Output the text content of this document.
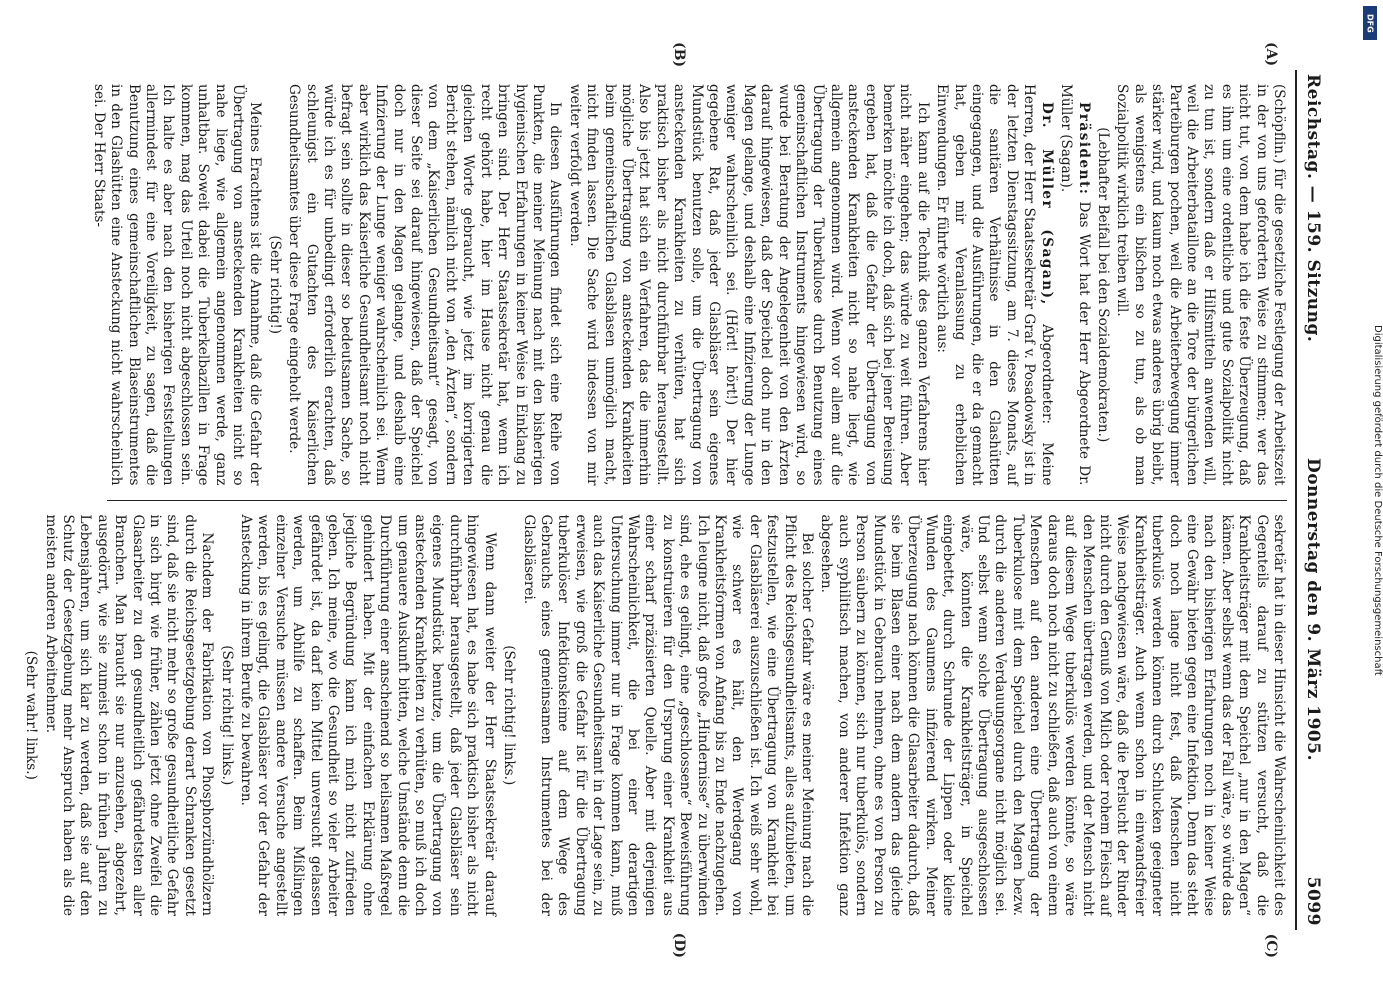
DFG
Digitalisierung gefördert durch die Deutsche Forschungsgemeinschaft
Reichstag. — 159. Sitzung.
Donnerstag den 9. März 1905.
5099
(A)
(B)
(C)
(D)

(Schöpflin.) für die gesetzliche Festlegung der Arbeitszeit in der von uns geforderten Weise zu stimmen; wer das nicht tut, von dem habe ich die feste Überzeugung, daß es ihm um eine ordentliche und gute Sozialpolitik nicht zu tun ist, sondern daß er Hilfsmitteln anwenden will, weil die Arbeiterbataillone an die Tore der bürgerlichen Parteiburgen pochen, weil die Arbeiterbewegung immer stärker wird, und kaum noch etwas anderes übrig bleibt, als wenigstens ein bißchen so zu tun, als ob man Sozialpolitik wirklich treiben will.

(Lebhafter Beifall bei den Sozialdemokraten.)

Präsident: Das Wort hat der Herr Abgeordnete Dr. Müller (Sagan).

Dr. Müller (Sagan), Abgeordneter: Meine Herren, der Herr Staatssekretär Graf v. Posadowsky ist in der letzten Dienstagssitzung, am 7. dieses Monats, auf die sanitären Verhältnisse in den Glashütten eingegangen, und die Ausführungen, die er da gemacht hat, geben mir Veranlassung zu erheblichen Einwendungen. Er führte wörtlich aus:

Ich kann auf die Technik des ganzen Verfahrens hier nicht näher eingehen; das würde zu weit führen. Aber bemerken möchte ich doch, daß sich bei jener Bereisung ergeben hat, daß die Gefahr der Übertragung von ansteckenden Krankheiten nicht so nahe liegt, wie allgemein angenommen wird. Wenn vor allem auf die Übertragung der Tuberkulose durch Benutzung eines gemeinschaftlichen Instruments hingewiesen wird, so wurde bei Beratung der Angelegenheit von den Ärzten darauf hingewiesen, daß der Speichel doch nur in den Magen gelange, und deshalb eine Infizierung der Lunge weniger wahrscheinlich sei. (Hört! hört!) Der hier gegebene Rat, daß jeder Glasbläser sein eigenes Mundstück benutzen solle, um die Übertragung von ansteckenden Krankheiten zu verhüten, hat sich praktisch bisher als nicht durchführbar herausgestellt. Also bis jetzt hat sich ein Verfahren, das die immerhin mögliche Übertragung von ansteckenden Krankheiten beim gemeinschaftlichen Glasblasen unmöglich macht, nicht finden lassen. Die Sache wird indessen von mir weiter verfolgt werden.

In diesen Ausführungen findet sich eine Reihe von Punkten, die meiner Meinung nach mit den bisherigen hygienischen Erfahrungen in keiner Weise in Einklang zu bringen sind. Der Herr Staatssekretär hat, wenn ich recht gehört habe, hier im Hause nicht genau die gleichen Worte gebraucht, wie jetzt im korrigierten Bericht stehen, nämlich nicht von „den Ärzten“, sondern von dem „Kaiserlichen Gesundheitsamt“ gesagt, von dieser Seite sei darauf hingewiesen, daß der Speichel doch nur in den Magen gelange, und deshalb eine Infizierung der Lunge weniger wahrscheinlich sei. Wenn aber wirklich das Kaiserliche Gesundheitsamt noch nicht befragt sein sollte in dieser so bedeutsamen Sache, so würde ich es für unbedingt erforderlich erachten, daß schleunigst ein Gutachten des Kaiserlichen Gesundheitsamtes über diese Frage eingeholt werde.

(Sehr richtig!)

Meines Erachtens ist die Annahme, daß die Gefahr der Übertragung von ansteckenden Krankheiten nicht so nahe liege, wie allgemein angenommen werde, ganz unhaltbar. Soweit dabei die Tuberkelbazillen in Frage kommen, mag das Urteil noch nicht abgeschlossen sein. Ich halte es aber nach den bisherigen Feststellungen allermindest für eine Voreiligkeit, zu sagen, daß die Benutzung eines gemeinschaftlichen Blaseinstrumentes in den Glashütten eine Ansteckung nicht wahrscheinlich sei. Der Herr Staats-

sekretär hat in dieser Hinsicht die Wahrscheinlichkeit des Gegenteils darauf zu stützen versucht, daß die Krankheitsträger mit dem Speichel „nur in den Magen“ kämen. Aber selbst wenn das der Fall wäre, so würde das nach den bisherigen Erfahrungen noch in keiner Weise eine Gewähr bieten gegen eine Infektion. Denn das steht doch noch lange nicht fest, daß Menschen nicht tuberkulös werden können durch Schlucken geeigneter Krankheitsträger. Auch wenn schon in einwandsfreier Weise nachgewiesen wäre, daß die Perlsucht der Rinder nicht durch den Genuß von Milch oder rohem Fleisch auf den Menschen übertragen werden, und der Mensch nicht auf diesem Wege tuberkulös werden könnte, so wäre daraus doch noch nicht zu schließen, daß auch von einem Menschen auf den anderen eine Übertragung der Tuberkulose mit dem Speichel durch den Magen bezw. durch die anderen Verdauungsorgane nicht möglich sei. Und selbst wenn solche Übertragung ausgeschlossen wäre, könnten die Krankheitsträger, in Speichel eingebettet, durch Schrunde der Lippen oder kleine Wunden des Gaumens infizierend wirken. Meiner Überzeugung nach können die Glasarbeiter dadurch, daß sie beim Blasen einer nach dem andern das gleiche Mundstück in Gebrauch nehmen, ohne es von Person zu Person säubern zu können, sich nur tuberkulös, sondern auch syphilitisch machen, von anderer Infektion ganz abgesehen.

Bei solcher Gefahr wäre es meiner Meinung nach die Pflicht des Reichsgesundheitsamts, alles aufzubieten, um festzustellen, wie eine Übertragung von Krankheit bei der Glasbläserei auszuschließen ist. Ich weiß sehr wohl, wie schwer es hält, den Werdegang von Krankheitsformen von Anfang bis zu Ende nachzugehen. Ich leugne nicht, daß große „Hindernisse“ zu überwinden sind, ehe es gelingt, eine „geschlossene“ Beweisführung zu konstruieren für den Ursprung einer Krankheit aus einer scharf präzisierten Quelle. Aber mit derjenigen Wahrscheinlichkeit, die bei einer derartigen Untersuchung immer nur in Frage kommen kann, muß auch das Kaiserliche Gesundheitsamt in der Lage sein, zu erweisen, wie groß die Gefahr ist für die Übertragung tuberkulöser Infektionskeime auf dem Wege des Gebrauchs eines gemeinsamen Instrumentes bei der Glasbläserei.

(Sehr richtig! links.)

Wenn dann weiter der Herr Staatssekretär darauf hingewiesen hat, es habe sich praktisch bisher als nicht durchführbar herausgestellt, daß jeder Glasbläser sein eigenes Mundstück benutze, um die Übertragung von ansteckenden Krankheiten zu verhüten, so muß ich doch um genauere Auskunft bitten, welche Umstände denn die Durchführung einer anscheinend so heilsamen Maßregel gehindert haben. Mit der einfachen Erklärung ohne jegliche Begründung kann ich mich nicht zufrieden geben. Ich meine, wo die Gesundheit so vieler Arbeiter gefährdet ist, da darf kein Mittel unversucht gelassen werden, um Abhilfe zu schaffen. Beim Mißlingen einzelner Versuche müssen andere Versuche angestellt werden, bis es gelingt, die Glasbläser vor der Gefahr der Ansteckung in ihrem Berufe zu bewahren.

(Sehr richtig! links.)

Nachdem der Fabrikation von Phosphorzündhölzern durch die Reichsgesetzgebung derart Schranken gesetzt sind, daß sie nicht mehr so große gesundheitliche Gefahr in sich birgt wie früher, zählen jetzt ohne Zweifel die Glasarbeiter zu den gesundheitlich gefährdetsten aller Branchen. Man braucht sie nur anzusehen, abgezehrt, ausgedörrt, wie sie zumeist schon in frühen Jahren zu Lebensjahren, um sich klar zu werden, daß sie auf den Schutz der Gesetzgebung mehr Anspruch haben als die meisten anderen Arbeitnehmer.

(Sehr wahr! links.)
